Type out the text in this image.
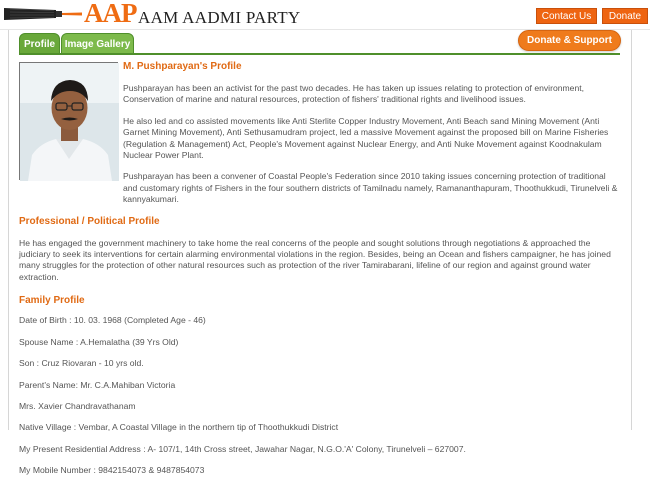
AAP AAM AADMI PARTY	Contact Us	Donate
Profile Image Gallery	Donate & Support Me
M. Pushparayan's Profile

Pushparayan has been an activist for the past two decades. He has taken up issues relating to protection of environment, Conservation of marine and natural resources, protection of fishers' traditional rights and livelihood issues.

He also led and co assisted movements like Anti Sterlite Copper Industry Movement, Anti Beach sand Mining Movement (Anti Garnet Mining Movement), Anti Sethusamudram project, led a massive Movement against the proposed bill on Marine Fisheries (Regulation & Management) Act, People's Movement against Nuclear Energy, and Anti Nuke Movement against Koodnakulam Nuclear Power Plant.

Pushparayan has been a convener of Coastal People's Federation since 2010 taking issues concerning protection of traditional and customary rights of Fishers in the four southern districts of Tamilnadu namely, Ramananthapuram, Thoothukkudi, Tirunelveli & kannyakumari.

Professional / Political Profile

He has engaged the government machinery to take home the real concerns of the people and sought solutions through negotiations & approached the judiciary to seek its interventions for certain alarming environmental violations in the region. Besides, being an Ocean and fishers campaigner, he has joined many struggles for the protection of other natural resources such as protection of the river Tamirabarani, lifeline of our region and against ground water extraction.

Family Profile

Date of Birth : 10. 03. 1968 (Completed Age - 46)

Spouse Name : A.Hemalatha (39 Yrs Old)

Son : Cruz Riovaran - 10 yrs old.

Parent's Name: Mr. C.A.Mahiban Victoria

Mrs. Xavier Chandravathanam

Native Village : Vembar, A Coastal Village in the northern tip of Thoothukkudi District

My Present Residential Address : A- 107/1, 14th Cross street, Jawahar Nagar, N.G.O.'A' Colony, Tirunelveli – 627007.

My Mobile Number : 9842154073 & 9487854073
